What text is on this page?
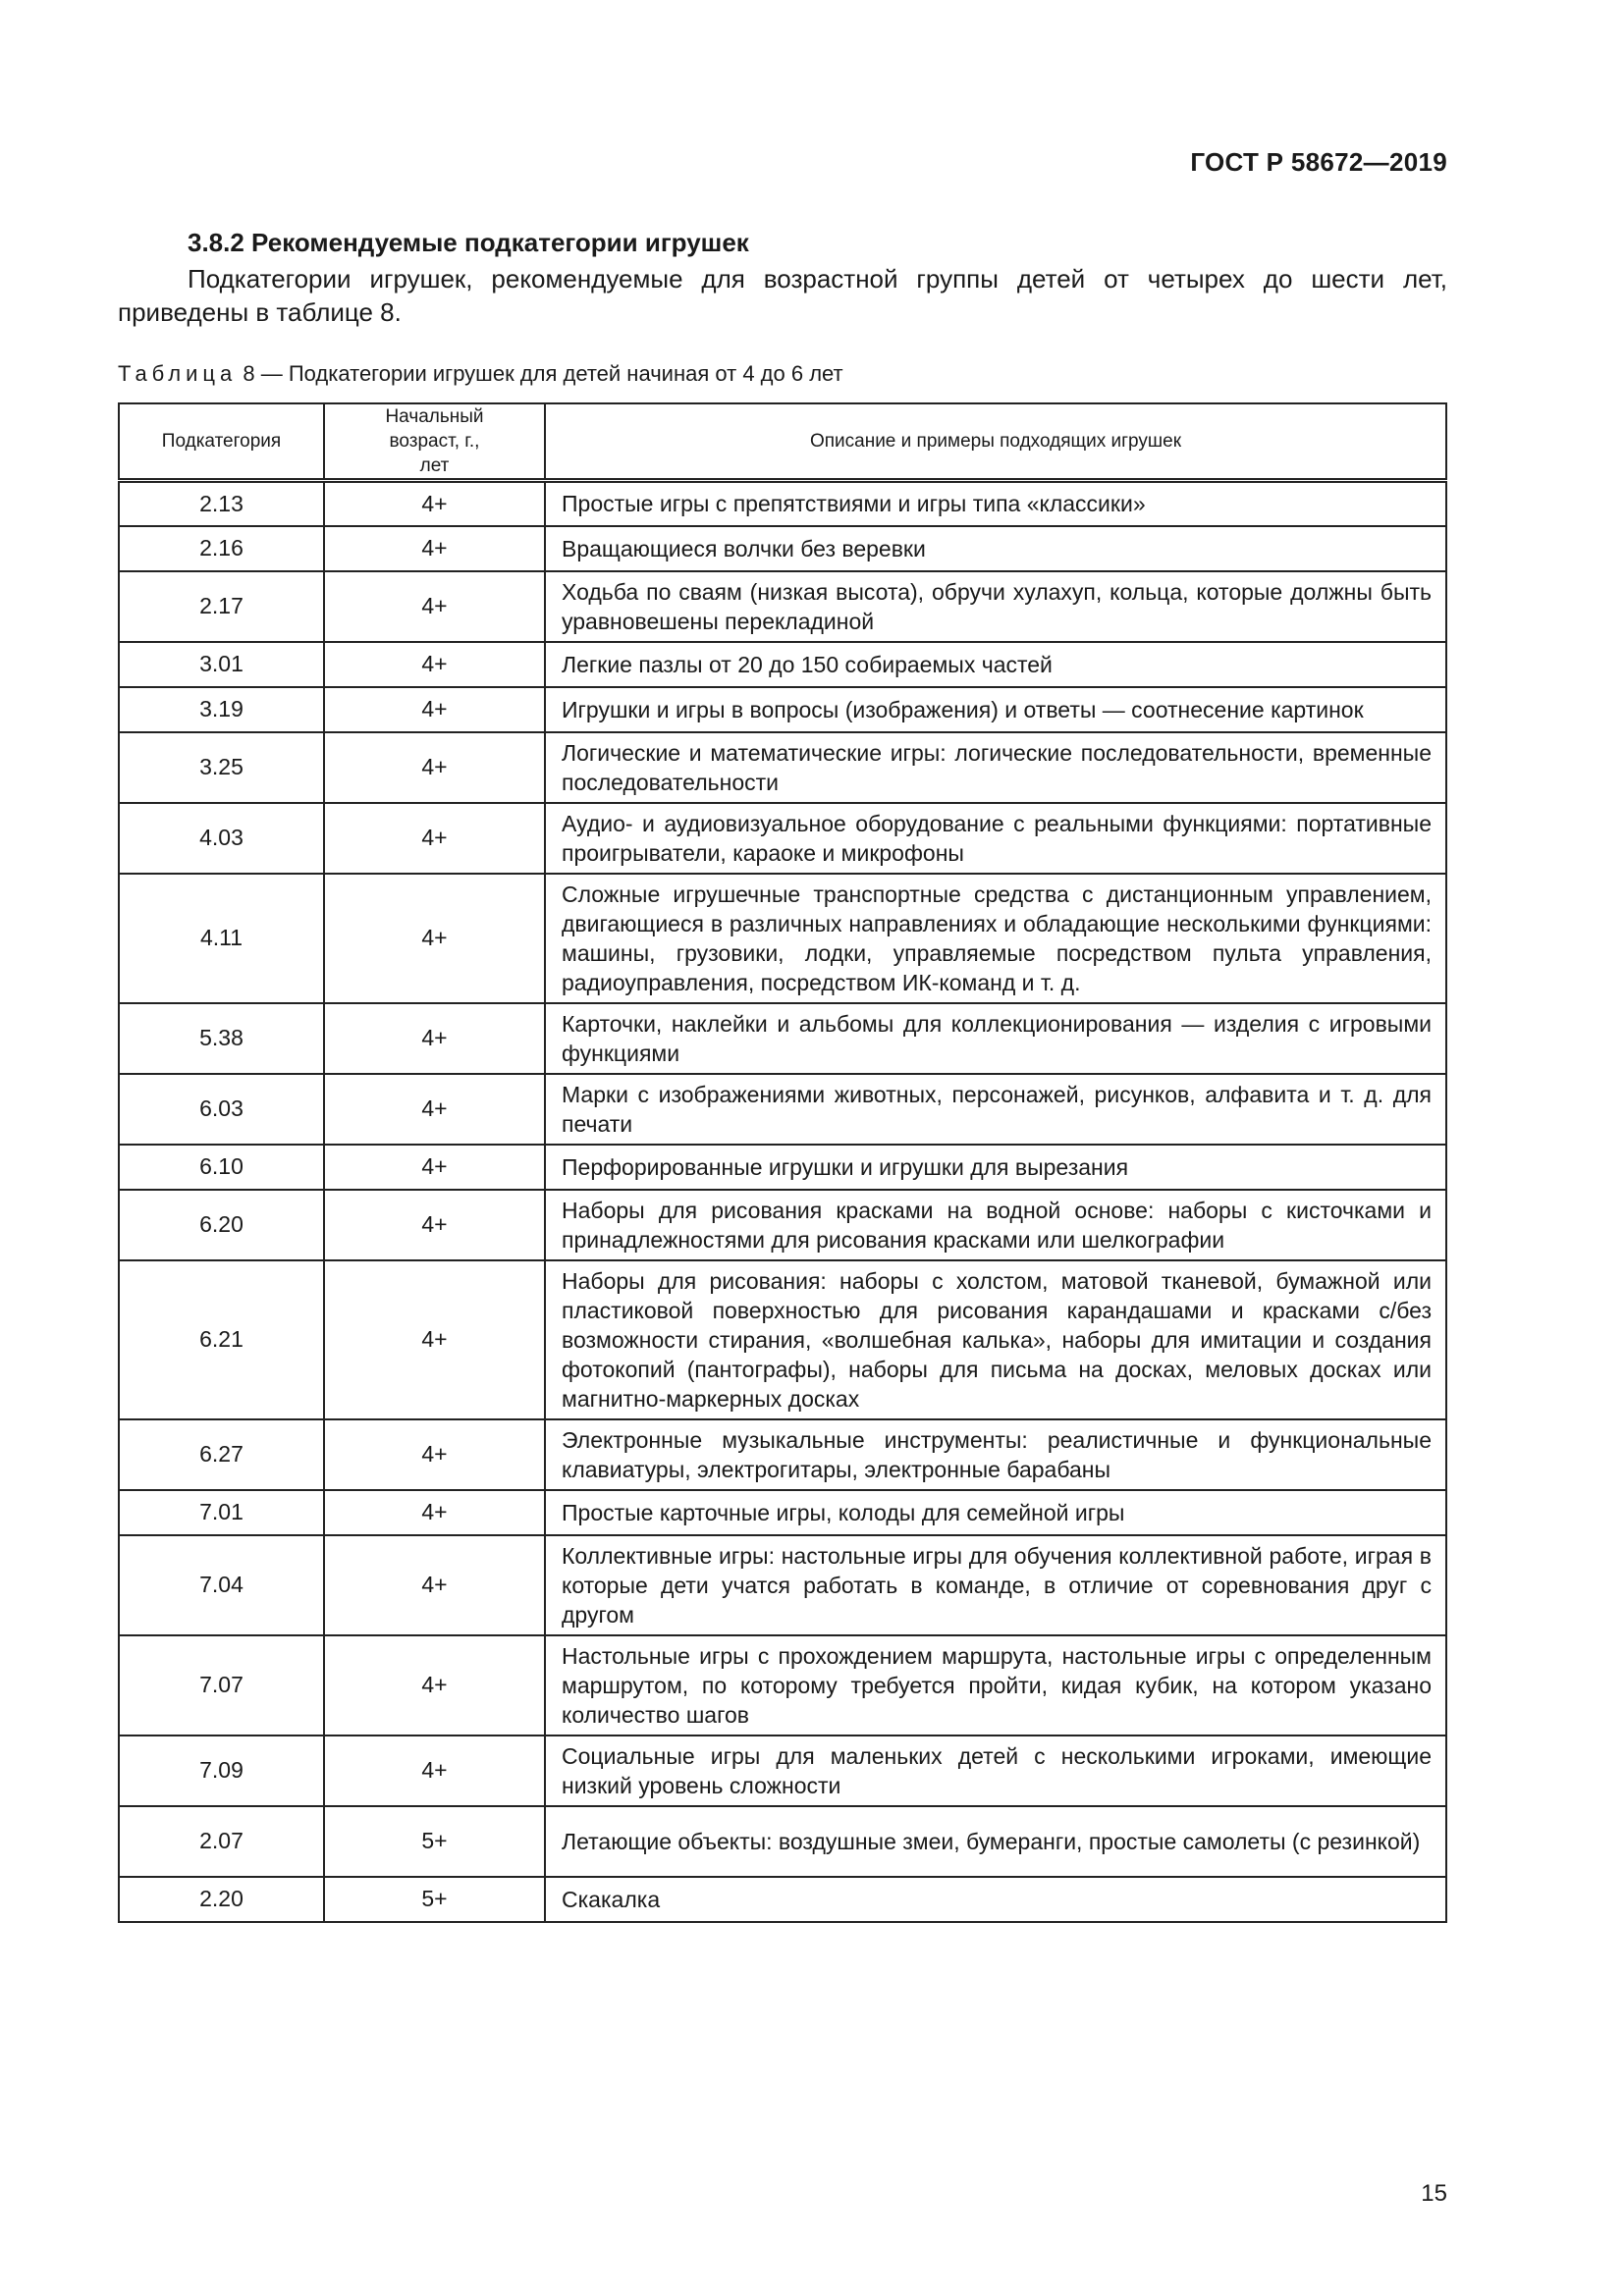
ГОСТ Р 58672—2019
3.8.2 Рекомендуемые подкатегории игрушек

Подкатегории игрушек, рекомендуемые для возрастной группы детей от четырех до шести лет, приведены в таблице 8.

Таблица 8 — Подкатегории игрушек для детей начиная от 4 до 6 лет
Подкатегория	Начальный возраст, г., лет	Описание и примеры подходящих игрушек
2.13	4+	Простые игры с препятствиями и игры типа «классики»
2.16	4+	Вращающиеся волчки без веревки
2.17	4+	Ходьба по сваям (низкая высота), обручи хулахуп, кольца, которые должны быть уравновешены перекладиной
3.01	4+	Легкие пазлы от 20 до 150 собираемых частей
3.19	4+	Игрушки и игры в вопросы (изображения) и ответы — соотнесение картинок
3.25	4+	Логические и математические игры: логические последовательности, временные последовательности
4.03	4+	Аудио- и аудиовизуальное оборудование с реальными функциями: портативные проигрыватели, караоке и микрофоны
4.11	4+	Сложные игрушечные транспортные средства с дистанционным управлением, двигающиеся в различных направлениях и обладающие несколькими функциями: машины, грузовики, лодки, управляемые посредством пульта управления, радиоуправления, посредством ИК-команд и т. д.
5.38	4+	Карточки, наклейки и альбомы для коллекционирования — изделия с игровыми функциями
6.03	4+	Марки с изображениями животных, персонажей, рисунков, алфавита и т. д. для печати
6.10	4+	Перфорированные игрушки и игрушки для вырезания
6.20	4+	Наборы для рисования красками на водной основе: наборы с кисточками и принадлежностями для рисования красками или шелкографии
6.21	4+	Наборы для рисования: наборы с холстом, матовой тканевой, бумажной или пластиковой поверхностью для рисования карандашами и красками с/без возможности стирания, «волшебная калька», наборы для имитации и создания фотокопий (пантографы), наборы для письма на досках, меловых досках или магнитно-маркерных досках
6.27	4+	Электронные музыкальные инструменты: реалистичные и функциональные клавиатуры, электрогитары, электронные барабаны
7.01	4+	Простые карточные игры, колоды для семейной игры
7.04	4+	Коллективные игры: настольные игры для обучения коллективной работе, играя в которые дети учатся работать в команде, в отличие от соревнования друг с другом
7.07	4+	Настольные игры с прохождением маршрута, настольные игры с определенным маршрутом, по которому требуется пройти, кидая кубик, на котором указано количество шагов
7.09	4+	Социальные игры для маленьких детей с несколькими игроками, имеющие низкий уровень сложности
2.07	5+	Летающие объекты: воздушные змеи, бумеранги, простые самолеты (с резинкой)
2.20	5+	Скакалка
15
